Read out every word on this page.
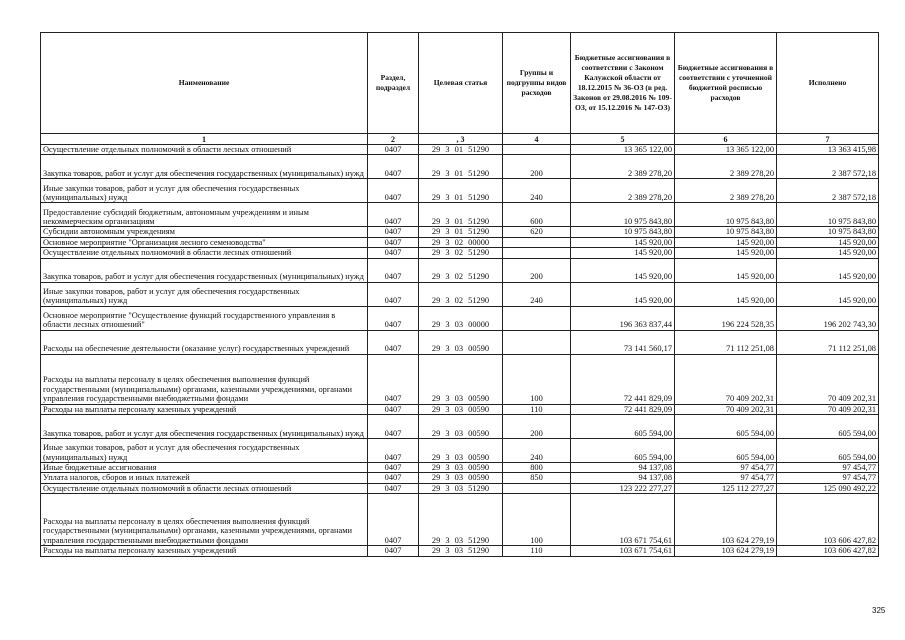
Наименование	Раздел, подраздел	Целевая статья	Группы и подгруппы видов расходов	Бюджетные ассигнования в соответствии с Законом Калужской области от 18.12.2015 № 36-ОЗ (в ред. Законов от 29.08.2016 № 109-ОЗ, от 15.12.2016 № 147-ОЗ)	Бюджетные ассигнования в соответствии с уточненной бюджетной росписью расходов	Исполнено
1	2	, 3	4	5	6	7
Осуществление отдельных полномочий в области лесных отношений	0407	29 3 01 51290		13 365 122,00	13 365 122,00	13 363 415,98
Закупка товаров, работ и услуг для обеспечения государственных (муниципальных) нужд	0407	29 3 01 51290	200	2 389 278,20	2 389 278,20	2 387 572,18
Иные закупки товаров, работ и услуг для обеспечения государственных (муниципальных) нужд	0407	29 3 01 51290	240	2 389 278,20	2 389 278,20	2 387 572,18
Предоставление субсидий бюджетным, автономным учреждениям и иным некоммерческим организациям	0407	29 3 01 51290	600	10 975 843,80	10 975 843,80	10 975 843,80
Субсидии автономным учреждениям	0407	29 3 01 51290	620	10 975 843,80	10 975 843,80	10 975 843,80
Основное мероприятие "Организация лесного семеноводства"	0407	29 3 02 00000		145 920,00	145 920,00	145 920,00
Осуществление отдельных полномочий в области лесных отношений	0407	29 3 02 51290		145 920,00	145 920,00	145 920,00
Закупка товаров, работ и услуг для обеспечения государственных (муниципальных) нужд	0407	29 3 02 51290	200	145 920,00	145 920,00	145 920,00
Иные закупки товаров, работ и услуг для обеспечения государственных (муниципальных) нужд	0407	29 3 02 51290	240	145 920,00	145 920,00	145 920,00
Основное мероприятие "Осуществление функций государственного управления в области лесных отношений"	0407	29 3 03 00000		196 363 837,44	196 224 528,35	196 202 743,30
Расходы на обеспечение деятельности (оказание услуг) государственных учреждений	0407	29 3 03 00590		73 141 560,17	71 112 251,08	71 112 251,08
Расходы на выплаты персоналу в целях обеспечения выполнения функций государственными (муниципальными) органами, казенными учреждениями, органами управления государственными внебюджетными фондами	0407	29 3 03 00590	100	72 441 829,09	70 409 202,31	70 409 202,31
Расходы на выплаты персоналу казенных учреждений	0407	29 3 03 00590	110	72 441 829,09	70 409 202,31	70 409 202,31
Закупка товаров, работ и услуг для обеспечения государственных (муниципальных) нужд	0407	29 3 03 00590	200	605 594,00	605 594,00	605 594,00
Иные закупки товаров, работ и услуг для обеспечения государственных (муниципальных) нужд	0407	29 3 03 00590	240	605 594,00	605 594,00	605 594,00
Иные бюджетные ассигнования	0407	29 3 03 00590	800	94 137,08	97 454,77	97 454,77
Уплата налогов, сборов и иных платежей	0407	29 3 03 00590	850	94 137,08	97 454,77	97 454,77
Осуществление отдельных полномочий в области лесных отношений	0407	29 3 03 51290		123 222 277,27	125 112 277,27	125 090 492,22
Расходы на выплаты персоналу в целях обеспечения выполнения функций государственными (муниципальными) органами, казенными учреждениями, органами управления государственными внебюджетными фондами	0407	29 3 03 51290	100	103 671 754,61	103 624 279,19	103 606 427,82
Расходы на выплаты персоналу казенных учреждений	0407	29 3 03 51290	110	103 671 754,61	103 624 279,19	103 606 427,82
325
